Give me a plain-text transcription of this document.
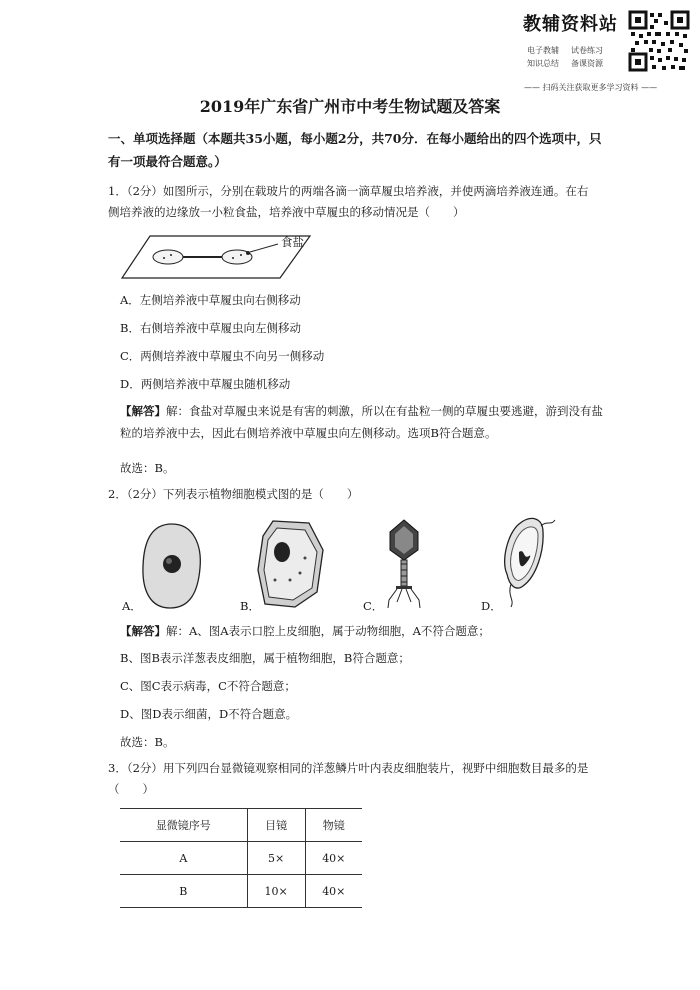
教辅资料站
电子教辅 试卷练习
知识总结 备课资源
—— 扫码关注获取更多学习资料 ——
2019年广东省广州市中考生物试题及答案
一、单项选择题（本题共35小题，每小题2分，共70分．在每小题给出的四个选项中，只有一项最符合题意。）
1．（2分）如图所示，分别在载玻片的两端各滴一滴草履虫培养液，并使两滴培养液连通。在右侧培养液的边缘放一小粒食盐，培养液中草履虫的移动情况是（　　）
食盐
A．左侧培养液中草履虫向右侧移动
B．右侧培养液中草履虫向左侧移动
C．两侧培养液中草履虫不向另一侧移动
D．两侧培养液中草履虫随机移动
【解答】解：食盐对草履虫来说是有害的刺激，所以在有盐粒一侧的草履虫要逃避，游到没有盐粒的培养液中去，因此右侧培养液中草履虫向左侧移动。选项B符合题意。
故选：B。
2．（2分）下列表示植物细胞模式图的是（　　）
A．	B．	C．	D．
【解答】解：A、图A表示口腔上皮细胞，属于动物细胞，A不符合题意；
B、图B表示洋葱表皮细胞，属于植物细胞，B符合题意；
C、图C表示病毒，C不符合题意；
D、图D表示细菌，D不符合题意。
故选：B。
3．（2分）用下列四台显微镜观察相同的洋葱鳞片叶内表皮细胞装片，视野中细胞数目最多的是（　　）
显微镜序号	目镜	物镜
A	5×	40×
B	10×	40×
